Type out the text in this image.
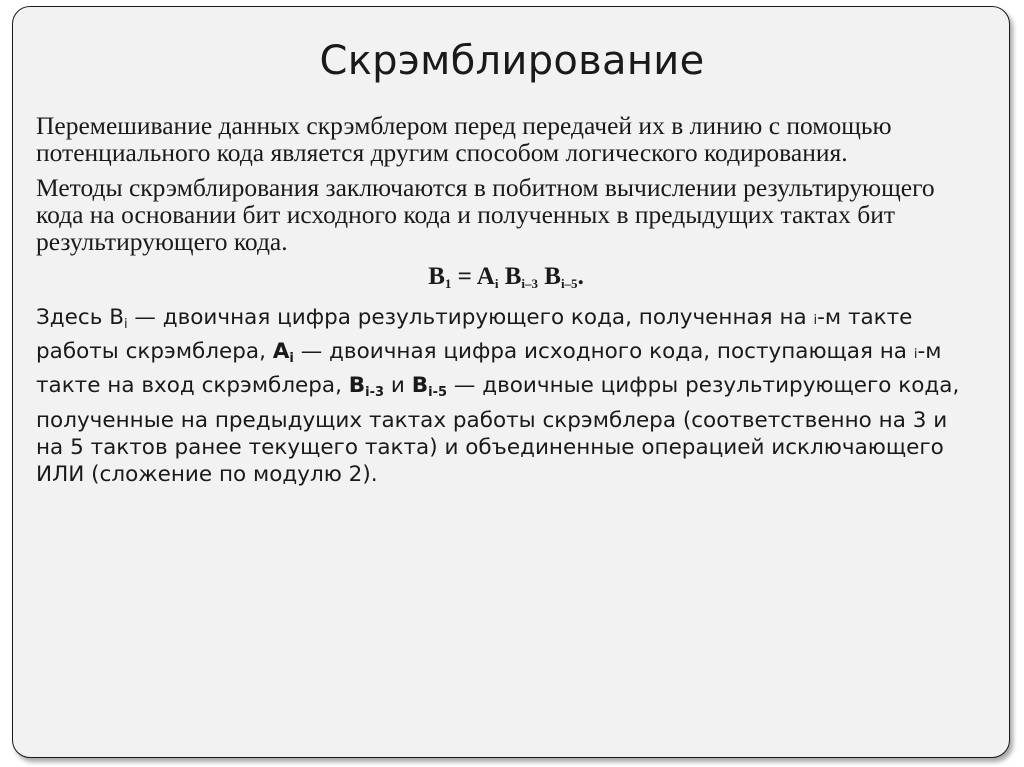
Скрэмблирование

Перемешивание данных скрэмблером перед передачей их в линию с помощью потенциального кода является другим способом логического кодирования.

Методы скрэмблирования заключаются в побитном вычислении результирующего кода на основании бит исходного кода и полученных в предыдущих тактах бит результирующего кода.

$B_1 = A_i$ $B_{i-3}$ $B_{i-5}$.

Здесь $B_i$ — двоичная цифра результирующего кода, полученная на i-м такте работы скрэмблера, $A_i$ — двоичная цифра исходного кода, поступающая на i-м такте на вход скрэмблера, $B_{i-3}$ и $B_{i-5}$ — двоичные цифры результирующего кода, полученные на предыдущих тактах работы скрэмблера (соответственно на 3 и на 5 тактов ранее текущего такта) и объединенные операцией исключающего ИЛИ (сложение по модулю 2).
